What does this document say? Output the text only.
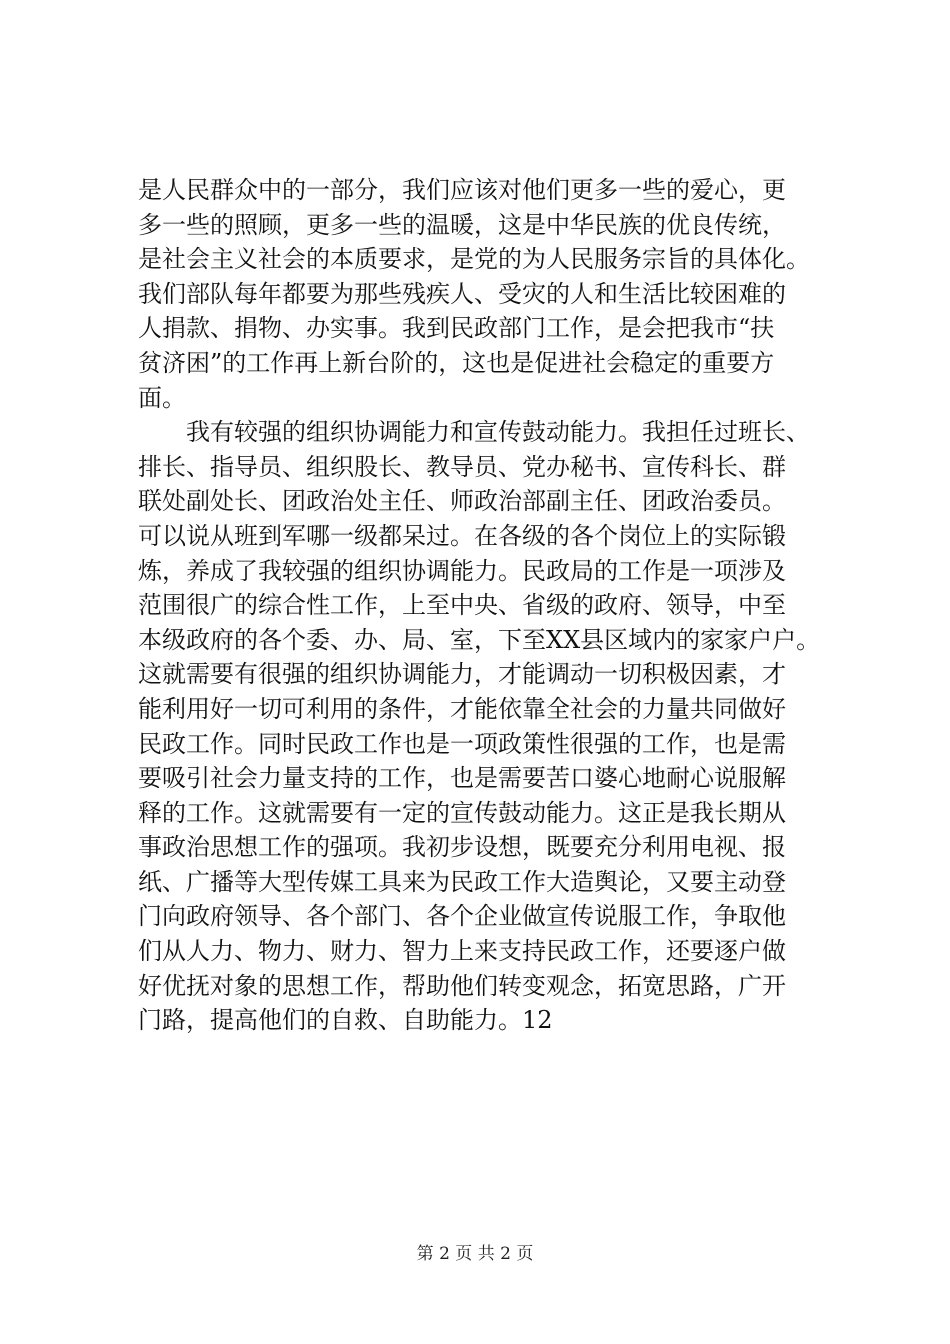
是人民群众中的一部分，我们应该对他们更多一些的爱心，更
多一些的照顾，更多一些的温暖，这是中华民族的优良传统，
是社会主义社会的本质要求，是党的为人民服务宗旨的具体化。
我们部队每年都要为那些残疾人、受灾的人和生活比较困难的
人捐款、捐物、办实事。我到民政部门工作，是会把我市“扶
贫济困”的工作再上新台阶的，这也是促进社会稳定的重要方
面。
　　我有较强的组织协调能力和宣传鼓动能力。我担任过班长、
排长、指导员、组织股长、教导员、党办秘书、宣传科长、群
联处副处长、团政治处主任、师政治部副主任、团政治委员。
可以说从班到军哪一级都呆过。在各级的各个岗位上的实际锻
炼，养成了我较强的组织协调能力。民政局的工作是一项涉及
范围很广的综合性工作，上至中央、省级的政府、领导，中至
本级政府的各个委、办、局、室，下至XX县区域内的家家户户。
这就需要有很强的组织协调能力，才能调动一切积极因素，才
能利用好一切可利用的条件，才能依靠全社会的力量共同做好
民政工作。同时民政工作也是一项政策性很强的工作，也是需
要吸引社会力量支持的工作，也是需要苦口婆心地耐心说服解
释的工作。这就需要有一定的宣传鼓动能力。这正是我长期从
事政治思想工作的强项。我初步设想，既要充分利用电视、报
纸、广播等大型传媒工具来为民政工作大造舆论，又要主动登
门向政府领导、各个部门、各个企业做宣传说服工作，争取他
们从人力、物力、财力、智力上来支持民政工作，还要逐户做
好优抚对象的思想工作，帮助他们转变观念，拓宽思路，广开
门路，提高他们的自救、自助能力。12
第 2 页 共 2 页
